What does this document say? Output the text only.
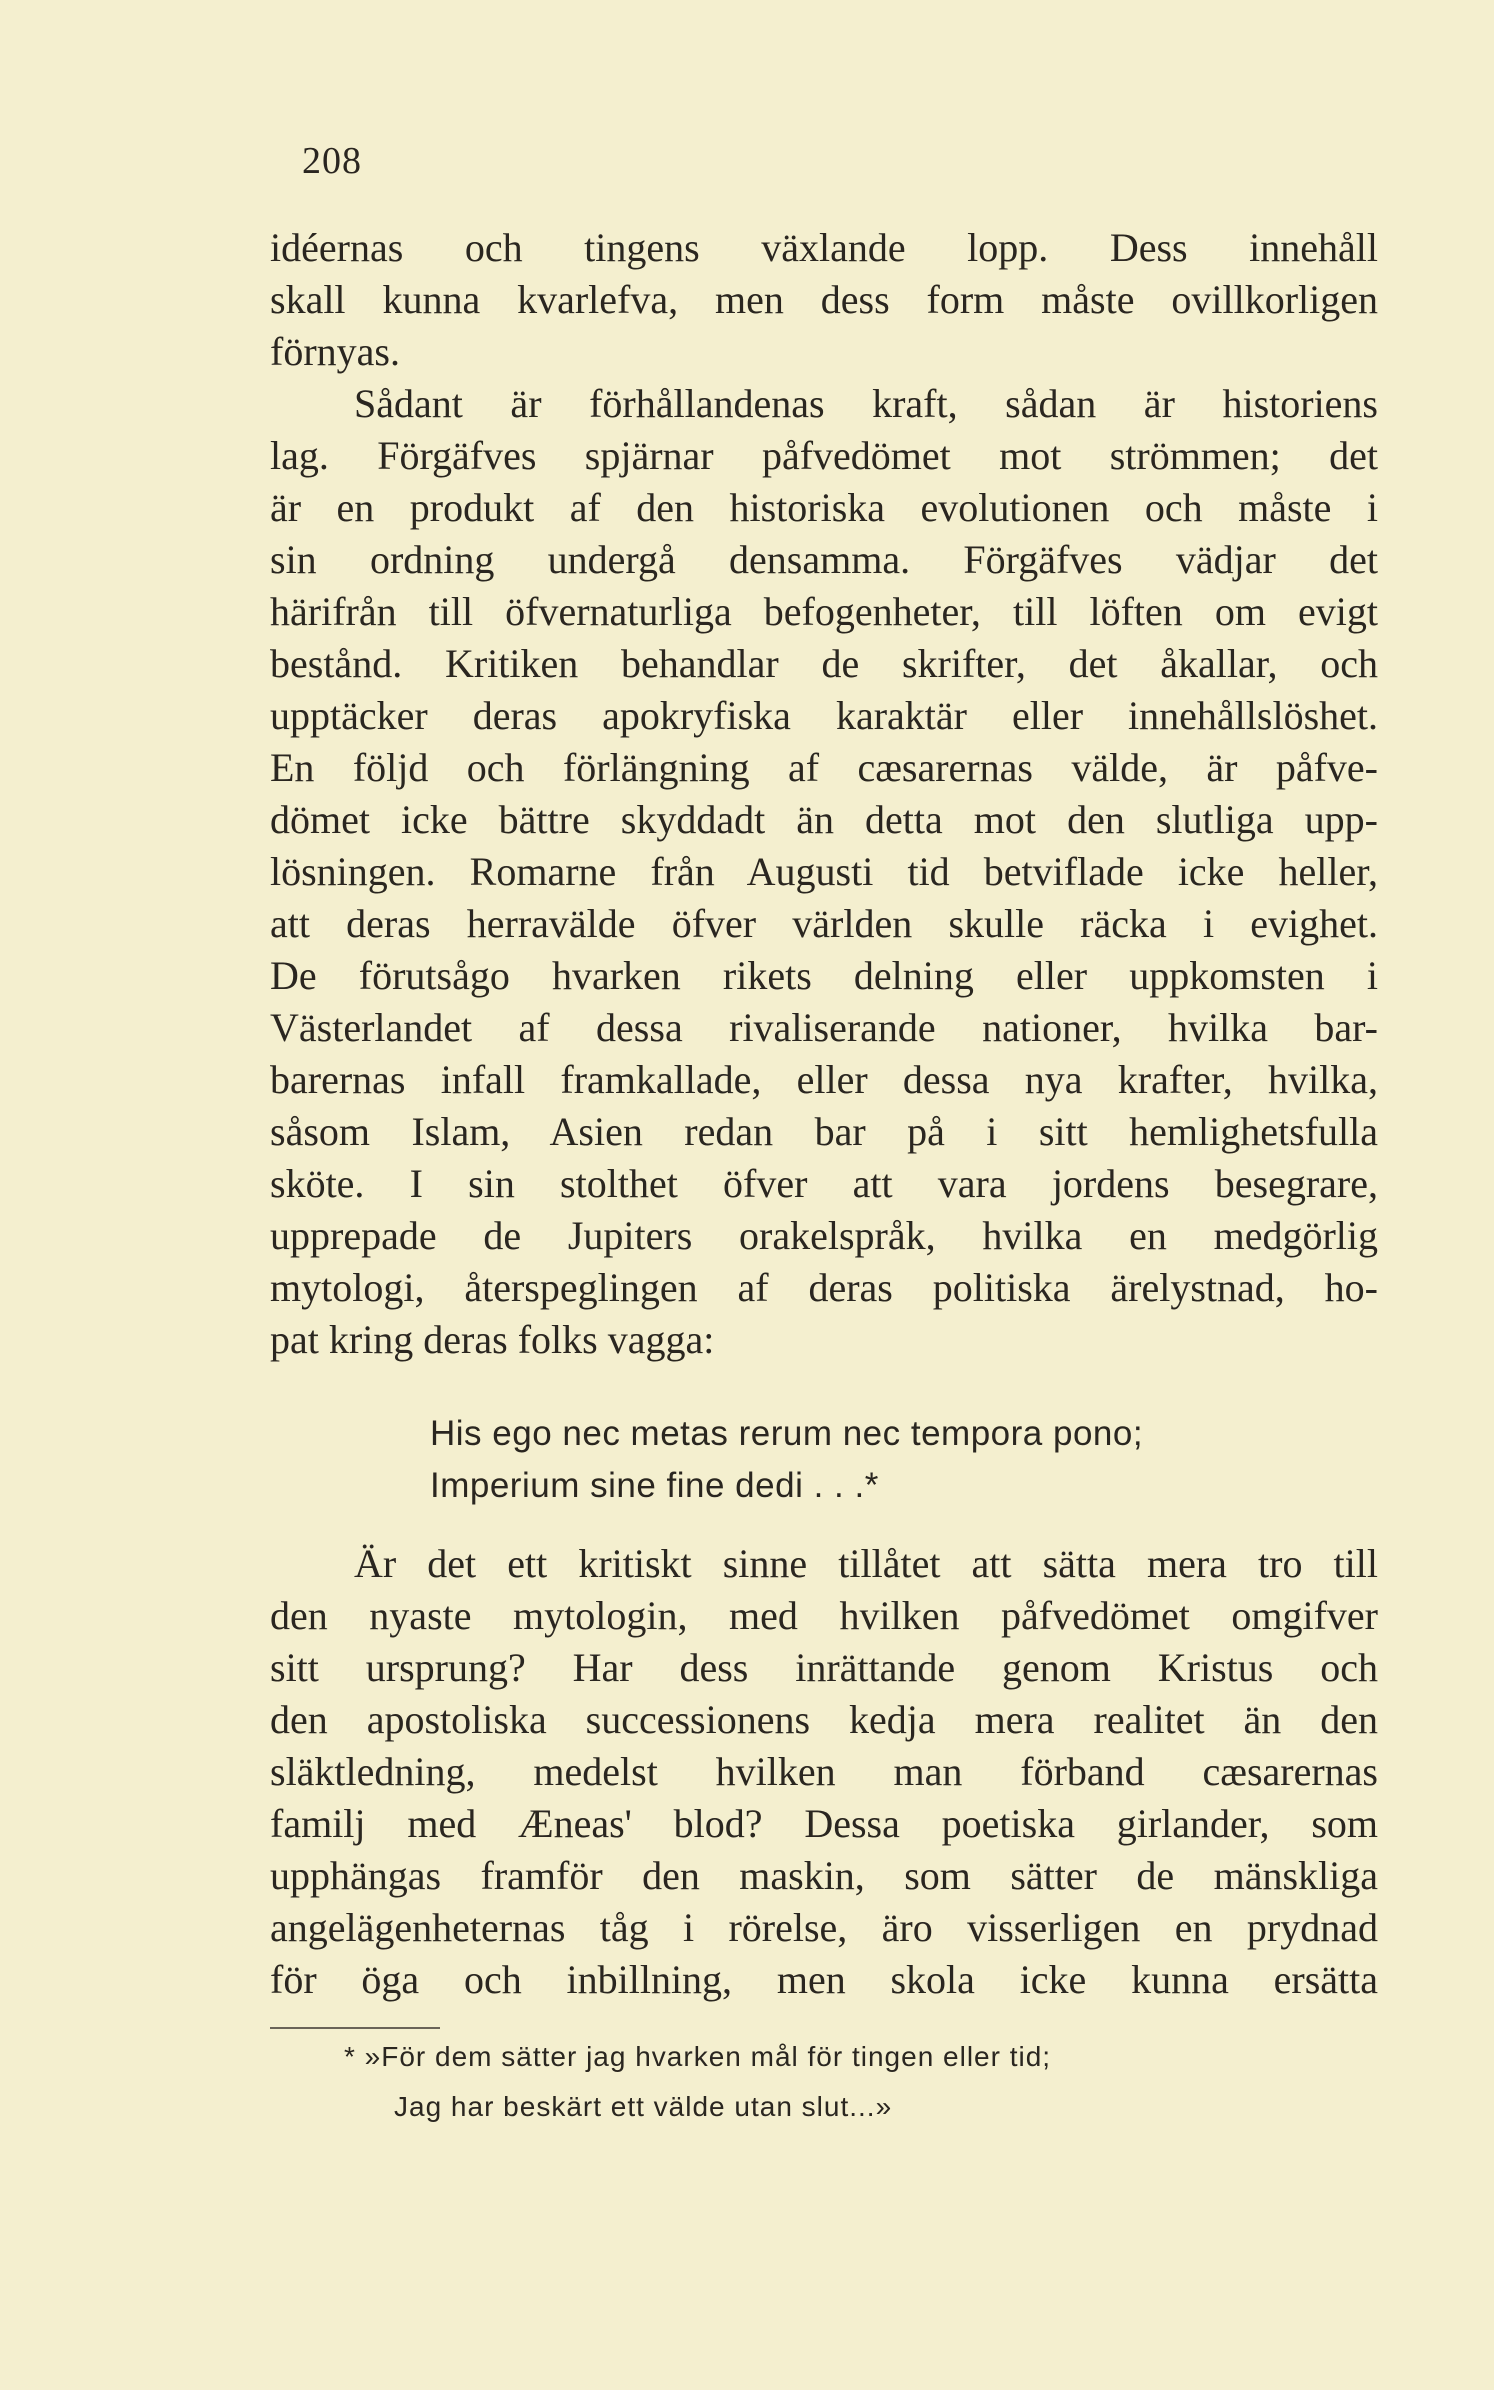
208
idéernas och tingens växlande lopp. Dess innehåll
skall kunna kvarlefva, men dess form måste ovillkorligen
förnyas.
Sådant är förhållandenas kraft, sådan är historiens
lag. Förgäfves spjärnar påfvedömet mot strömmen; det
är en produkt af den historiska evolutionen och måste i
sin ordning undergå densamma. Förgäfves vädjar det
härifrån till öfvernaturliga befogenheter, till löften om evigt
bestånd. Kritiken behandlar de skrifter, det åkallar, och
upptäcker deras apokryfiska karaktär eller innehållslöshet.
En följd och förlängning af cæsarernas välde, är påfve-
dömet icke bättre skyddadt än detta mot den slutliga upp-
lösningen. Romarne från Augusti tid betviflade icke heller,
att deras herravälde öfver världen skulle räcka i evighet.
De förutsågo hvarken rikets delning eller uppkomsten i
Västerlandet af dessa rivaliserande nationer, hvilka bar-
barernas infall framkallade, eller dessa nya krafter, hvilka,
såsom Islam, Asien redan bar på i sitt hemlighetsfulla
sköte. I sin stolthet öfver att vara jordens besegrare,
upprepade de Jupiters orakelspråk, hvilka en medgörlig
mytologi, återspeglingen af deras politiska ärelystnad, ho-
pat kring deras folks vagga:
His ego nec metas rerum nec tempora pono;
Imperium sine fine dedi . . .*
Är det ett kritiskt sinne tillåtet att sätta mera tro till
den nyaste mytologin, med hvilken påfvedömet omgifver
sitt ursprung? Har dess inrättande genom Kristus och
den apostoliska successionens kedja mera realitet än den
släktledning, medelst hvilken man förband cæsarernas
familj med Æneas' blod? Dessa poetiska girlander, som
upphängas framför den maskin, som sätter de mänskliga
angelägenheternas tåg i rörelse, äro visserligen en prydnad
för öga och inbillning, men skola icke kunna ersätta
* »För dem sätter jag hvarken mål för tingen eller tid;
Jag har beskärt ett välde utan slut...»
